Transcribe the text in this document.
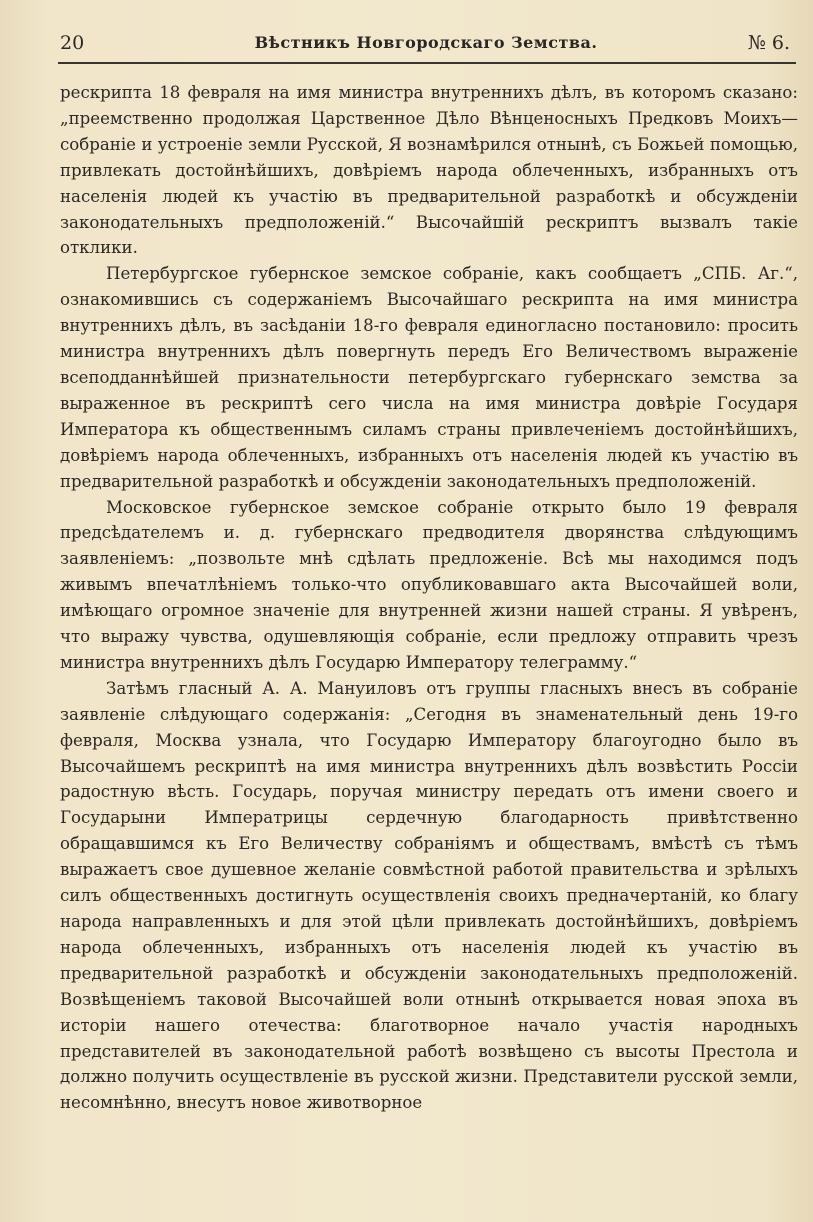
20	Вѣстникъ Новгородскаго Земства.	№ 6.

рескрипта 18 февраля на имя министра внутреннихъ дѣлъ, въ которомъ сказано: „преемственно продолжая Царственное Дѣло Вѣнценосныхъ Предковъ Моихъ—собраніе и устроеніе земли Русской, Я вознамѣрился отнынѣ, съ Божьей помощью, привлекать достойнѣйшихъ, довѣріемъ народа облеченныхъ, избранныхъ отъ населенія людей къ участію въ предварительной разработкѣ и обсужденіи законодательныхъ предположеній.“ Высочайшій рескриптъ вызвалъ такіе отклики.

Петербургское губернское земское собраніе, какъ сообщаетъ „СПБ. Аг.“, ознакомившись съ содержаніемъ Высочайшаго рескрипта на имя министра внутреннихъ дѣлъ, въ засѣданіи 18-го февраля единогласно постановило: просить министра внутреннихъ дѣлъ повергнуть передъ Его Величествомъ выраженіе всеподданнѣйшей признательности петербургскаго губернскаго земства за выраженное въ рескриптѣ сего числа на имя министра довѣріе Государя Императора къ общественнымъ силамъ страны привлеченіемъ достойнѣйшихъ, довѣріемъ народа облеченныхъ, избранныхъ отъ населенія людей къ участію въ предварительной разработкѣ и обсужденіи законодательныхъ предположеній.

Московское губернское земское собраніе открыто было 19 февраля предсѣдателемъ и. д. губернскаго предводителя дворянства слѣдующимъ заявленіемъ: „позвольте мнѣ сдѣлать предложеніе. Всѣ мы находимся подъ живымъ впечатлѣніемъ только-что опубликовавшаго акта Высочайшей воли, имѣющаго огромное значеніе для внутренней жизни нашей страны. Я увѣренъ, что выражу чувства, одушевляющія собраніе, если предложу отправить чрезъ министра внутреннихъ дѣлъ Государю Императору телеграмму.“

Затѣмъ гласный А. А. Мануиловъ отъ группы гласныхъ внесъ въ собраніе заявленіе слѣдующаго содержанія: „Сегодня въ знаменательный день 19-го февраля, Москва узнала, что Государю Императору благоугодно было въ Высочайшемъ рескриптѣ на имя министра внутреннихъ дѣлъ возвѣстить Россіи радостную вѣсть. Государь, поручая министру передать отъ имени своего и Государыни Императрицы сердечную благодарность привѣтственно обращавшимся къ Его Величеству собраніямъ и обществамъ, вмѣстѣ съ тѣмъ выражаетъ свое душевное желаніе совмѣстной работой правительства и зрѣлыхъ силъ общественныхъ достигнуть осуществленія своихъ предначертаній, ко благу народа направленныхъ и для этой цѣли привлекать достойнѣйшихъ, довѣріемъ народа облеченныхъ, избранныхъ отъ населенія людей къ участію въ предварительной разработкѣ и обсужденіи законодательныхъ предположеній. Возвѣщеніемъ таковой Высочайшей воли отнынѣ открывается новая эпоха въ исторіи нашего отечества: благотворное начало участія народныхъ представителей въ законодательной работѣ возвѣщено съ высоты Престола и должно получить осуществленіе въ русской жизни. Представители русской земли, несомнѣнно, внесутъ новое животворное
